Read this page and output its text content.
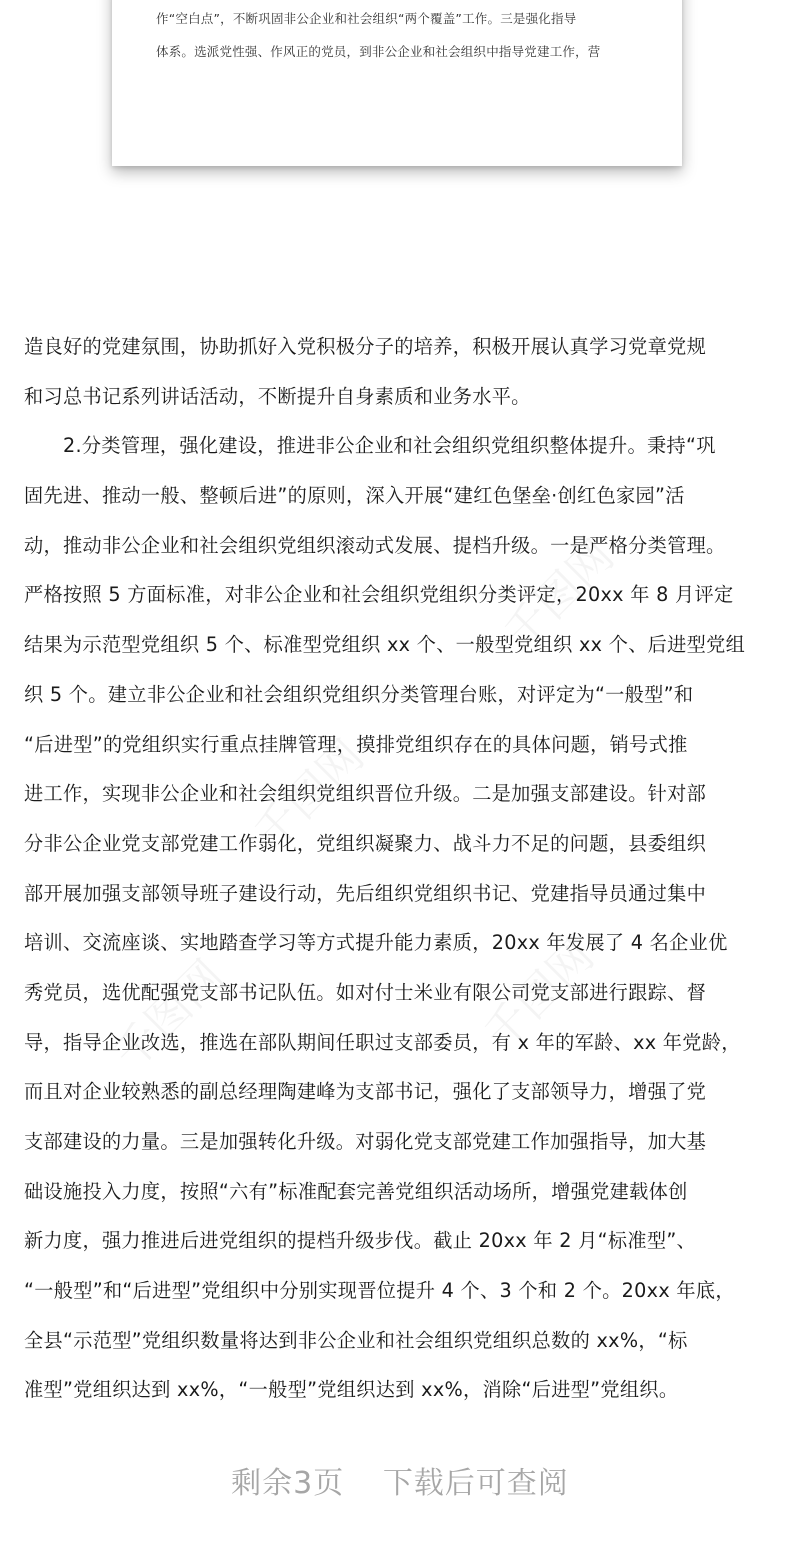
作“空白点”，不断巩固非公企业和社会组织“两个覆盖”工作。三是强化指导
体系。选派党性强、作风正的党员，到非公企业和社会组织中指导党建工作，营
造良好的党建氛围，协助抓好入党积极分子的培养，积极开展认真学习党章党规
和习总书记系列讲话活动，不断提升自身素质和业务水平。
　　2.分类管理，强化建设，推进非公企业和社会组织党组织整体提升。秉持“巩
固先进、推动一般、整顿后进”的原则，深入开展“建红色堡垒·创红色家园”活
动，推动非公企业和社会组织党组织滚动式发展、提档升级。一是严格分类管理。
严格按照 5 方面标准，对非公企业和社会组织党组织分类评定，20xx 年 8 月评定
结果为示范型党组织 5 个、标准型党组织 xx 个、一般型党组织 xx 个、后进型党组
织 5 个。建立非公企业和社会组织党组织分类管理台账，对评定为“一般型”和
“后进型”的党组织实行重点挂牌管理，摸排党组织存在的具体问题，销号式推
进工作，实现非公企业和社会组织党组织晋位升级。二是加强支部建设。针对部
分非公企业党支部党建工作弱化，党组织凝聚力、战斗力不足的问题，县委组织
部开展加强支部领导班子建设行动，先后组织党组织书记、党建指导员通过集中
培训、交流座谈、实地踏查学习等方式提升能力素质，20xx 年发展了 4 名企业优
秀党员，选优配强党支部书记队伍。如对付士米业有限公司党支部进行跟踪、督
导，指导企业改选，推选在部队期间任职过支部委员，有 x 年的军龄、xx 年党龄，
而且对企业较熟悉的副总经理陶建峰为支部书记，强化了支部领导力，增强了党
支部建设的力量。三是加强转化升级。对弱化党支部党建工作加强指导，加大基
础设施投入力度，按照“六有”标准配套完善党组织活动场所，增强党建载体创
新力度，强力推进后进党组织的提档升级步伐。截止 20xx 年 2 月“标准型”、
“一般型”和“后进型”党组织中分别实现晋位提升 4 个、3 个和 2 个。20xx 年底，
全县“示范型”党组织数量将达到非公企业和社会组织党组织总数的 xx%，“标
准型”党组织达到 xx%，“一般型”党组织达到 xx%，消除“后进型”党组织。
剩余3页 下载后可查阅
